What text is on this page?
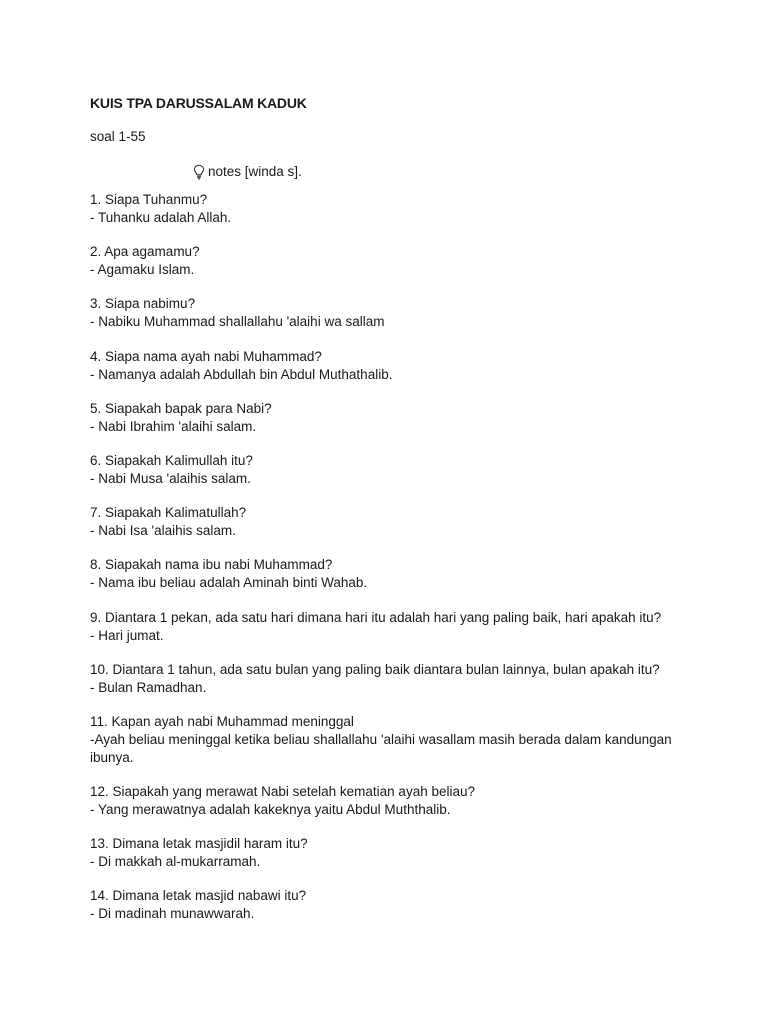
KUIS TPA DARUSSALAM KADUK
soal 1-55
notes [winda s].
1. Siapa Tuhanmu?
- Tuhanku adalah Allah.
2. Apa agamamu?
- Agamaku Islam.
3. Siapa nabimu?
- Nabiku Muhammad shallallahu 'alaihi wa sallam
4. Siapa nama ayah nabi Muhammad?
- Namanya adalah Abdullah bin Abdul Muthathalib.
5. Siapakah bapak para Nabi?
- Nabi Ibrahim 'alaihi salam.
6. Siapakah Kalimullah itu?
- Nabi Musa 'alaihis salam.
7. Siapakah Kalimatullah?
- Nabi Isa 'alaihis salam.
8. Siapakah nama ibu nabi Muhammad?
- Nama ibu beliau adalah Aminah binti Wahab.
9. Diantara 1 pekan, ada satu hari dimana hari itu adalah hari yang paling baik, hari apakah itu?
- Hari jumat.
10. Diantara 1 tahun, ada satu bulan yang paling baik diantara bulan lainnya, bulan apakah itu?
- Bulan Ramadhan.
11. Kapan ayah nabi Muhammad meninggal
-Ayah beliau meninggal ketika beliau shallallahu 'alaihi wasallam masih berada dalam kandungan ibunya.
12. Siapakah yang merawat Nabi setelah kematian ayah beliau?
- Yang merawatnya adalah kakeknya yaitu Abdul Muththalib.
13. Dimana letak masjidil haram itu?
- Di makkah al-mukarramah.
14. Dimana letak masjid nabawi itu?
- Di madinah munawwarah.
